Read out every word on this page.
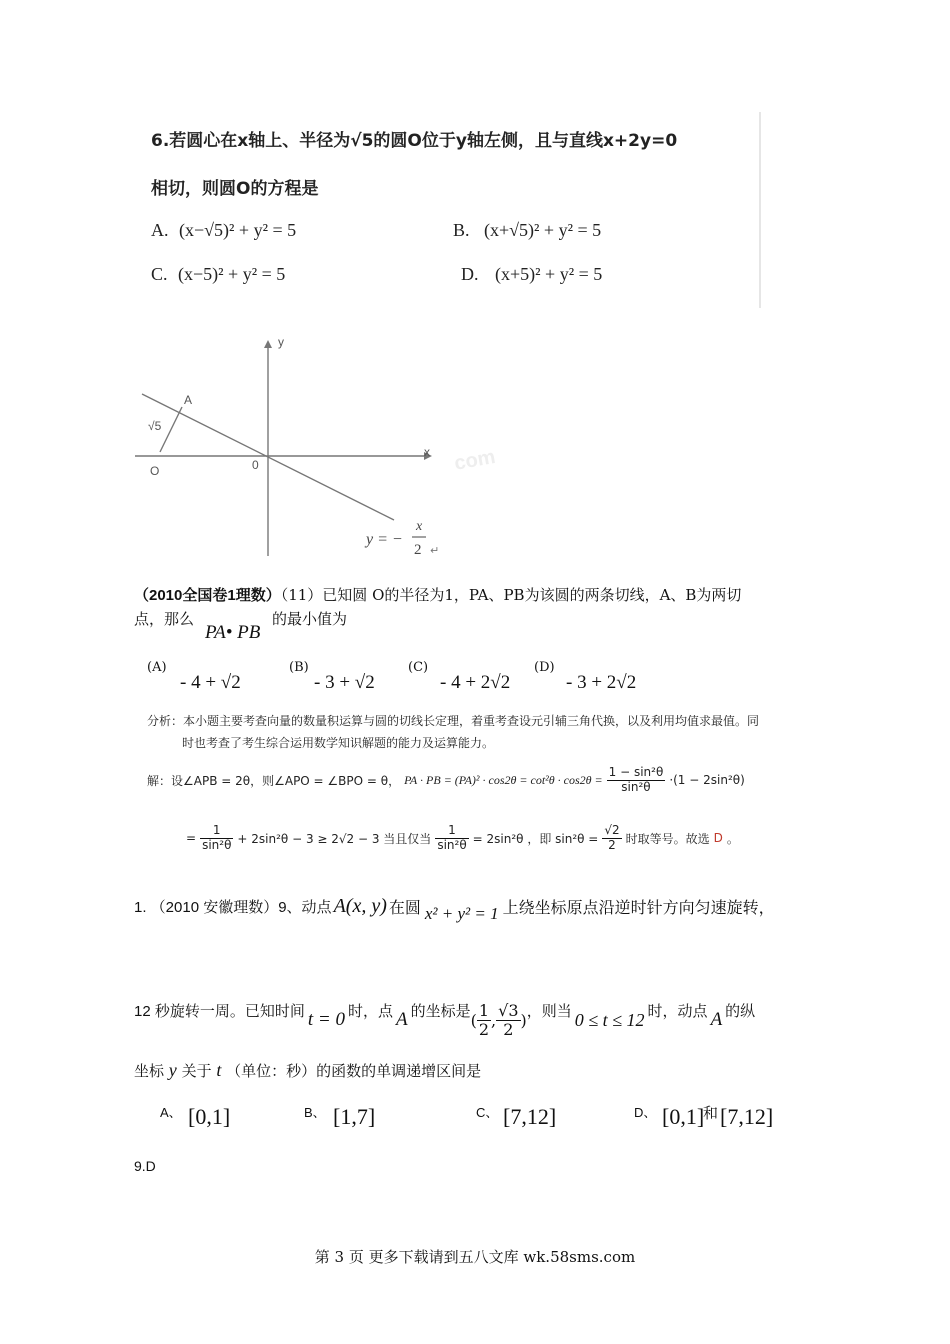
6.若圆心在x轴上、半径为√5的圆O位于y轴左侧，且与直线x+2y=0
相切，则圆O的方程是
A. (x−√5)² + y² = 5	B. (x+√5)² + y² = 5
C. (x−5)² + y² = 5	D. (x+5)² + y² = 5
y
x
0
A
O
√5
com
y = −
x
2 ↵
（2010全国卷1理数）（11）已知圆 O的半径为1，PA、PB为该圆的两条切线，A、B为两切
点，那么
PA• PB
的最小值为
(A)
- 4 + √2
(B)
- 3 + √2
(C)
- 4 + 2√2
(D)
- 3 + 2√2
分析：本小题主要考查向量的数量积运算与圆的切线长定理，着重考查设元引辅三角代换，以及利用均值求最值。同
时也考查了考生综合运用数学知识解题的能力及运算能力。
解：设∠APB = 2θ，则∠APO = ∠BPO = θ， PA · PB = $(PA)^2 \cdot \cos 2\theta = \cot^2\theta \cdot \cos 2\theta = \frac{\text{1 − sin²θ}}{\text{sin²θ}} \cdot(1 - 2\sin^2\theta)$
= $\frac{1}{\text{sin²θ}} + 2\sin^2\theta - 3 \ge 2√2 - 3$ 当且仅当 $\frac{1}{\text{sin²θ}} = 2\sin^2\theta$ ，即 $\sin^2\theta = \frac{√2}{2}$ 时取等号。故选 D 。
1. （2010 安徽理数）9、动点 A(x, y) 在圆 x² + y² = 1 上绕坐标原点沿逆时针方向匀速旋转，
12 秒旋转一周。已知时间 t = 0 时，点 A 的坐标是 ( $\frac{1}{2}$ , $\frac{√3}{2}$ ) ，则当 0 ≤ t ≤ 12 时，动点 A 的纵
坐标 y 关于 t （单位：秒）的函数的单调递增区间是
A、 [0,1]	B、 [1,7]	C、 [7,12]	D、 [0,1]
和 [7,12]
9.D
第 3 页 更多下载请到五八文库 wk.58sms.com
